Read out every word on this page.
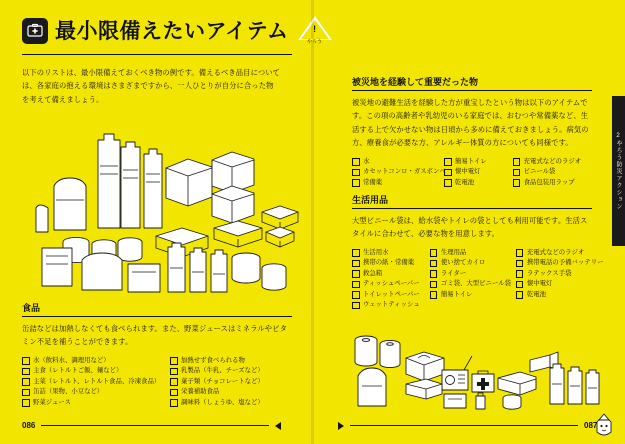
最小限備えたいアイテム	!
やろう
以下のリストは、最小限備えておくべき物の例です。備えるべき品目については、各家庭の抱える環境はさまざまですから、一人ひとりが自分に合った物を考えて備えましょう。
食品
缶詰などは加熱しなくても食べられます。また、野菜ジュースはミネラルやビタミン不足を補うことができます。
水（飲料水、調理用など）
主食（レトルトご飯、麺など）
主菜（レトルト、レトルト食品、冷凍食品）
缶詰（果物、小豆など）
野菜ジュース
加熱せず食べられる物
乳製品（牛乳、チーズなど）
菓子類（チョコレートなど）
栄養補助食品
調味料（しょうゆ、塩など）
086
2やろう防災アクション
被災地を経験して重要だった物
被災地の避難生活を経験した方が重宝したという物は以下のアイテムです。この項の高齢者や乳幼児のいる家庭では、おむつや常備薬など、生活する上で欠かせない物は日頃から多めに備えておきましょう。病気の方、療養食が必要な方、アレルギー体質の方についても同様です。
水
カセットコンロ・ガスボンベ
常備薬
簡易トイレ
懐中電灯
乾電池
充電式などのラジオ
ビニール袋
食品包装用ラップ
生活用品
大型ビニール袋は、給水袋やトイレの袋としても利用可能です。生活スタイルに合わせて、必要な物を用意します。
生活用水
携帯の紙・常備薬
救急箱
ティッシュペーパー
トイレットペーパー
ウェットティッシュ
生理用品
使い捨てカイロ
ライター
ゴミ袋、大型ビニール袋
簡易トイレ
充電式などのラジオ
携帯電話の予備バッテリー
ラテックス手袋
懐中電灯
乾電池
087
